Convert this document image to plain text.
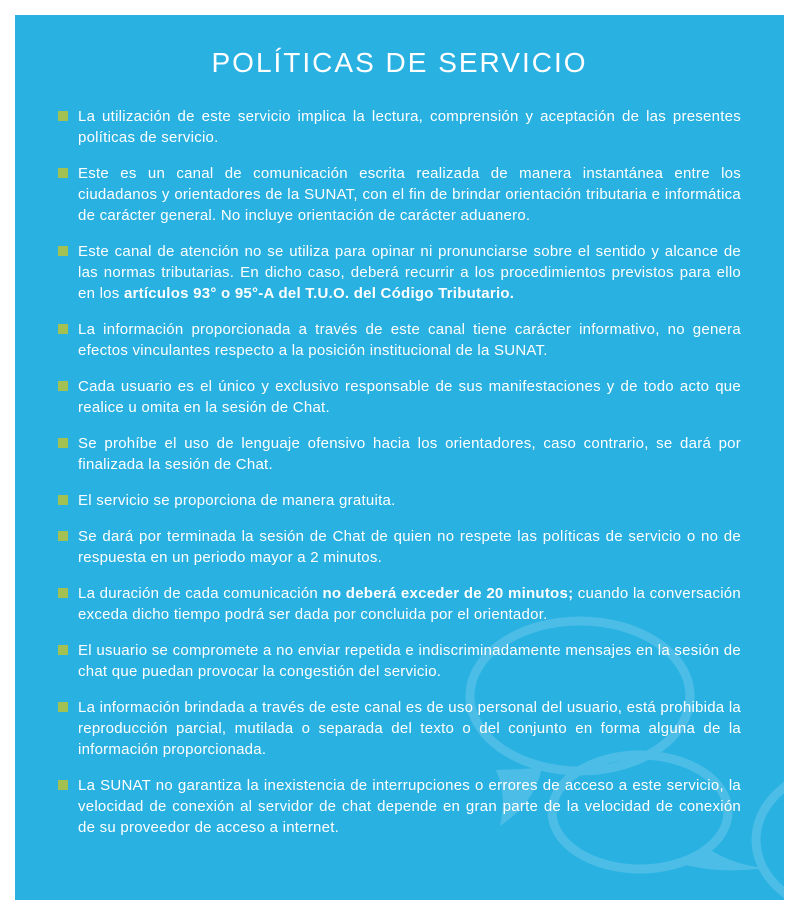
POLÍTICAS DE SERVICIO
La utilización de este servicio implica la lectura, comprensión y aceptación de las presentes políticas de servicio.
Este es un canal de comunicación escrita realizada de manera instantánea entre los ciudadanos y orientadores de la SUNAT, con el fin de brindar orientación tributaria e informática de carácter general. No incluye orientación de carácter aduanero.
Este canal de atención no se utiliza para opinar ni pronunciarse sobre el sentido y alcance de las normas tributarias. En dicho caso, deberá recurrir a los procedimientos previstos para ello en los artículos 93° o 95°-A del T.U.O. del Código Tributario.
La información proporcionada a través de este canal tiene carácter informativo, no genera efectos vinculantes respecto a la posición institucional de la SUNAT.
Cada usuario es el único y exclusivo responsable de sus manifestaciones y de todo acto que realice u omita en la sesión de Chat.
Se prohíbe el uso de lenguaje ofensivo hacia los orientadores, caso contrario, se dará por finalizada la sesión de Chat.
El servicio se proporciona de manera gratuita.
Se dará por terminada la sesión de Chat de quien no respete las políticas de servicio o no de respuesta en un periodo mayor a 2 minutos.
La duración de cada comunicación no deberá exceder de 20 minutos; cuando la conversación exceda dicho tiempo podrá ser dada por concluida por el orientador.
El usuario se compromete a no enviar repetida e indiscriminadamente mensajes en la sesión de chat que puedan provocar la congestión del servicio.
La información brindada a través de este canal es de uso personal del usuario, está prohibida la reproducción parcial, mutilada o separada del texto o del conjunto en forma alguna de la información proporcionada.
La SUNAT no garantiza la inexistencia de interrupciones o errores de acceso a este servicio, la velocidad de conexión al servidor de chat depende en gran parte de la velocidad de conexión de su proveedor de acceso a internet.
